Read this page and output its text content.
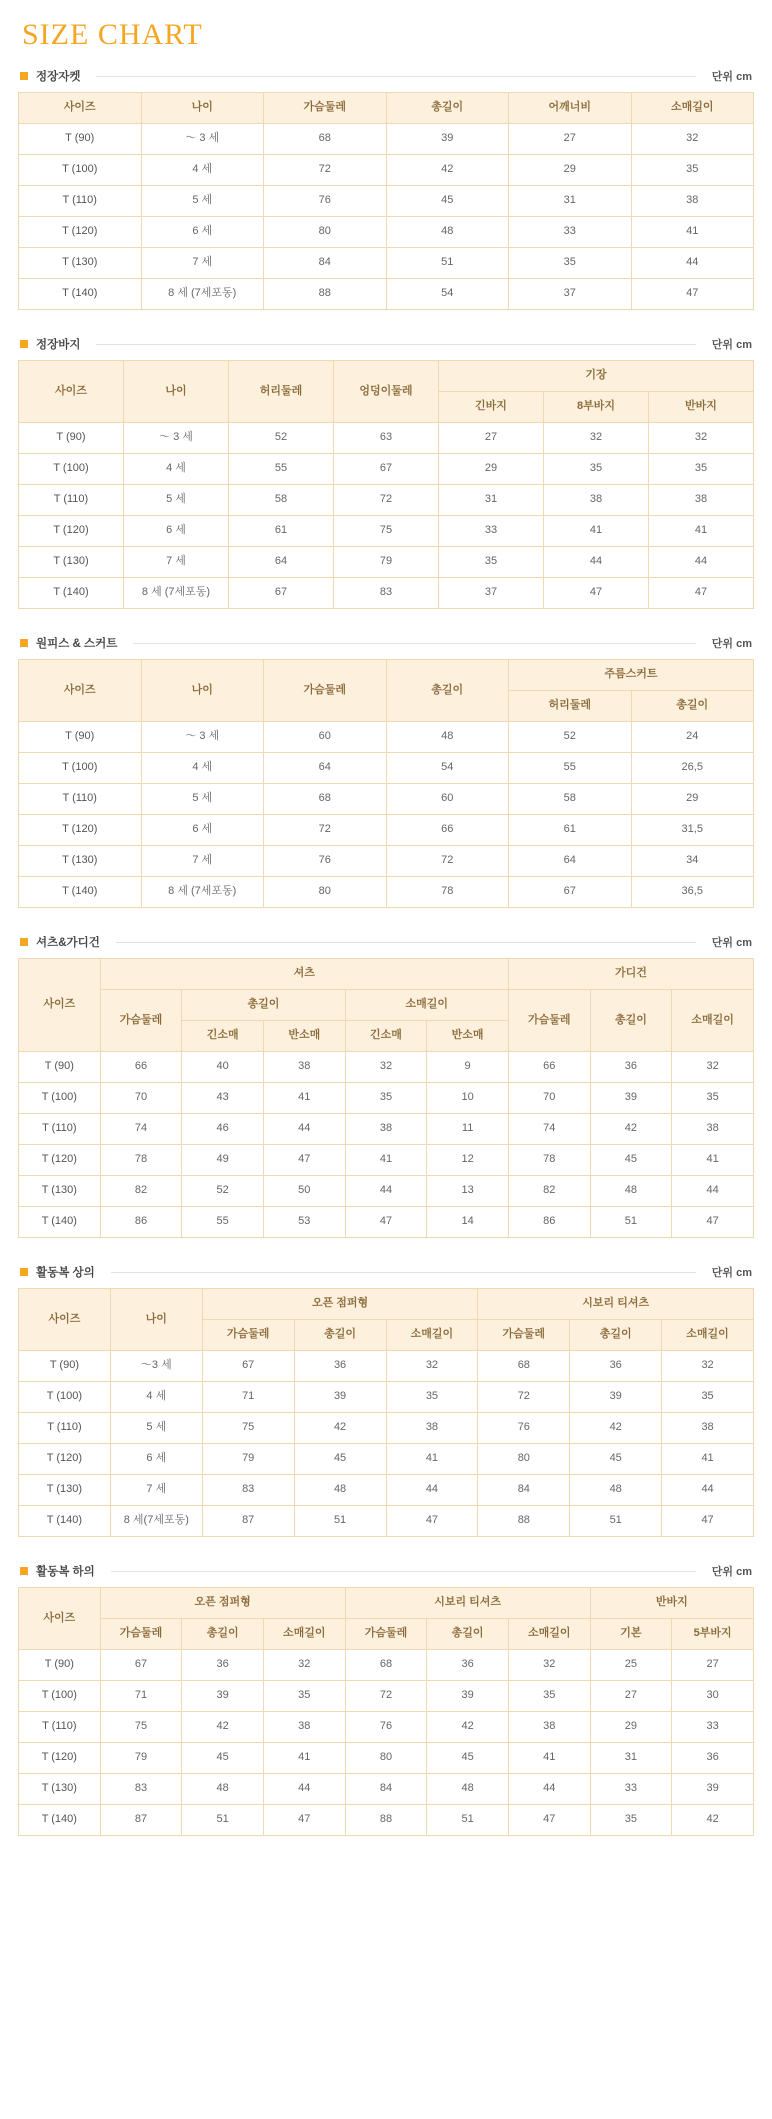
SIZE CHART
정장자켓	단위 cm
사이즈	나이	가슴둘레	총길이	어깨너비	소매길이
T (90)	～ 3 세	68	39	27	32
T (100)	4 세	72	42	29	35
T (110)	5 세	76	45	31	38
T (120)	6 세	80	48	33	41
T (130)	7 세	84	51	35	44
T (140)	8 세 (7세포동)	88	54	37	47
정장바지	단위 cm
사이즈	나이	허리둘레	엉덩이둘레	기장		
				긴바지	8부바지	반바지
T (90)	～ 3 세	52	63	27	32	32
T (100)	4 세	55	67	29	35	35
T (110)	5 세	58	72	31	38	38
T (120)	6 세	61	75	33	41	41
T (130)	7 세	64	79	35	44	44
T (140)	8 세 (7세포동)	67	83	37	47	47
원피스 & 스커트	단위 cm
사이즈	나이	가슴둘레	총길이	주름스커트	
				허리둘레	총길이
T (90)	～ 3 세	60	48	52	24
T (100)	4 세	64	54	55	26,5
T (110)	5 세	68	60	58	29
T (120)	6 세	72	66	61	31,5
T (130)	7 세	76	72	64	34
T (140)	8 세 (7세포동)	80	78	67	36,5
셔츠&가디건	단위 cm
사이즈	셔츠					가디건		
	가슴둘레	총길이		소매길이		가슴둘레	총길이	소매길이
		긴소매	반소매	긴소매	반소매			
T (90)	66	40	38	32	9	66	36	32
T (100)	70	43	41	35	10	70	39	35
T (110)	74	46	44	38	11	74	42	38
T (120)	78	49	47	41	12	78	45	41
T (130)	82	52	50	44	13	82	48	44
T (140)	86	55	53	47	14	86	51	47
활동복 상의	단위 cm
사이즈	나이	오픈 점퍼형			시보리 티셔츠		
		가슴둘레	총길이	소매길이	가슴둘레	총길이	소매길이
T (90)	～3 세	67	36	32	68	36	32
T (100)	4 세	71	39	35	72	39	35
T (110)	5 세	75	42	38	76	42	38
T (120)	6 세	79	45	41	80	45	41
T (130)	7 세	83	48	44	84	48	44
T (140)	8 세(7세포동)	87	51	47	88	51	47
활동복 하의	단위 cm
사이즈	오픈 점퍼형			시보리 티셔츠			반바지	
	가슴둘레	총길이	소매길이	가슴둘레	총길이	소매길이	기본	5부바지
T (90)	67	36	32	68	36	32	25	27
T (100)	71	39	35	72	39	35	27	30
T (110)	75	42	38	76	42	38	29	33
T (120)	79	45	41	80	45	41	31	36
T (130)	83	48	44	84	48	44	33	39
T (140)	87	51	47	88	51	47	35	42
